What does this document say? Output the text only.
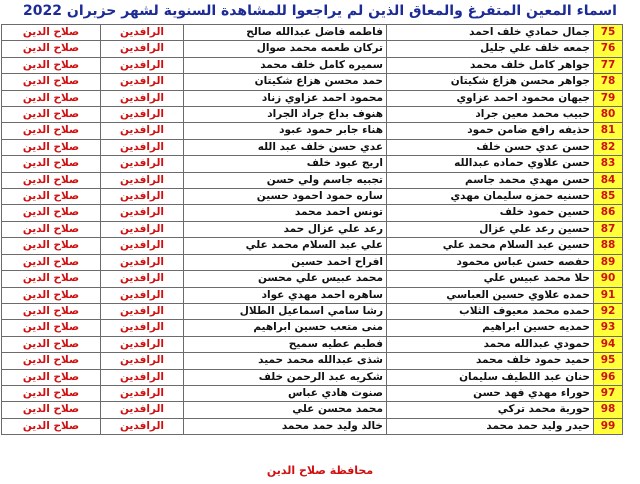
اسماء المعين المتفرغ والمعاق الذين لم يراجعوا للمشاهدة السنوية لشهر حزيران 2022
75	جمال حمادي خلف احمد	فاطمه فاضل عبدالله صالح	الرافدين	صلاح الدين
76	جمعه خلف علي جليل	تركان طعمه محمد صوال	الرافدين	صلاح الدين
77	جواهر كامل خلف محمد	سميره كامل خلف محمد	الرافدين	صلاح الدين
78	جواهر محسن هزاع شكيتان	حمد محسن هزاع شكيتان	الرافدين	صلاح الدين
79	جيهان محمود احمد عزاوي	محمود احمد عزاوي زناد	الرافدين	صلاح الدين
80	حبيب محمد معين جراد	هنوف بداع جراد الجراد	الرافدين	صلاح الدين
81	حذيفه رافع ضامن حمود	هناء جابر حمود عبود	الرافدين	صلاح الدين
82	حسن عدي حسن خلف	عدي حسن خلف عبد الله	الرافدين	صلاح الدين
83	حسن علاوي حماده عبدالله	اريج عبود خلف	الرافدين	صلاح الدين
84	حسن مهدي محمد جاسم	تجبيه جاسم ولي حسن	الرافدين	صلاح الدين
85	حسنيه حمزه سليمان مهدي	ساره حمود احمود حسين	الرافدين	صلاح الدين
86	حسين حمود خلف	تونس احمد محمد	الرافدين	صلاح الدين
87	حسين رعد علي عزال	رعد علي عزال حمد	الرافدين	صلاح الدين
88	حسين عبد السلام محمد علي	علي عبد السلام محمد علي	الرافدين	صلاح الدين
89	حفصه حسن عباس محمود	افراح احمد حسين	الرافدين	صلاح الدين
90	حلا محمد عبيس علي	محمد عبيس علي محسن	الرافدين	صلاح الدين
91	حمده علاوي حسين العباسي	ساهره احمد مهدي عواد	الرافدين	صلاح الدين
92	حمده محمد معيوف الثلاب	رشا سامي اسماعيل الطلال	الرافدين	صلاح الدين
93	حمديه حسين ابراهيم	منى متعب حسين ابراهيم	الرافدين	صلاح الدين
94	حمودي عبدالله محمد	فطيم عطيه سميح	الرافدين	صلاح الدين
95	حميد حمود خلف محمد	شذى عبدالله محمد حميد	الرافدين	صلاح الدين
96	حنان عبد اللطيف سليمان	شكريه عبد الرحمن خلف	الرافدين	صلاح الدين
97	حوراء مهدي فهد حسن	صنوت هادي عباس	الرافدين	صلاح الدين
98	حورية محمد تركي	محمد محسن علي	الرافدين	صلاح الدين
99	حيدر وليد حمد محمد	خالد وليد حمد محمد	الرافدين	صلاح الدين
محافظة صلاح الدين
